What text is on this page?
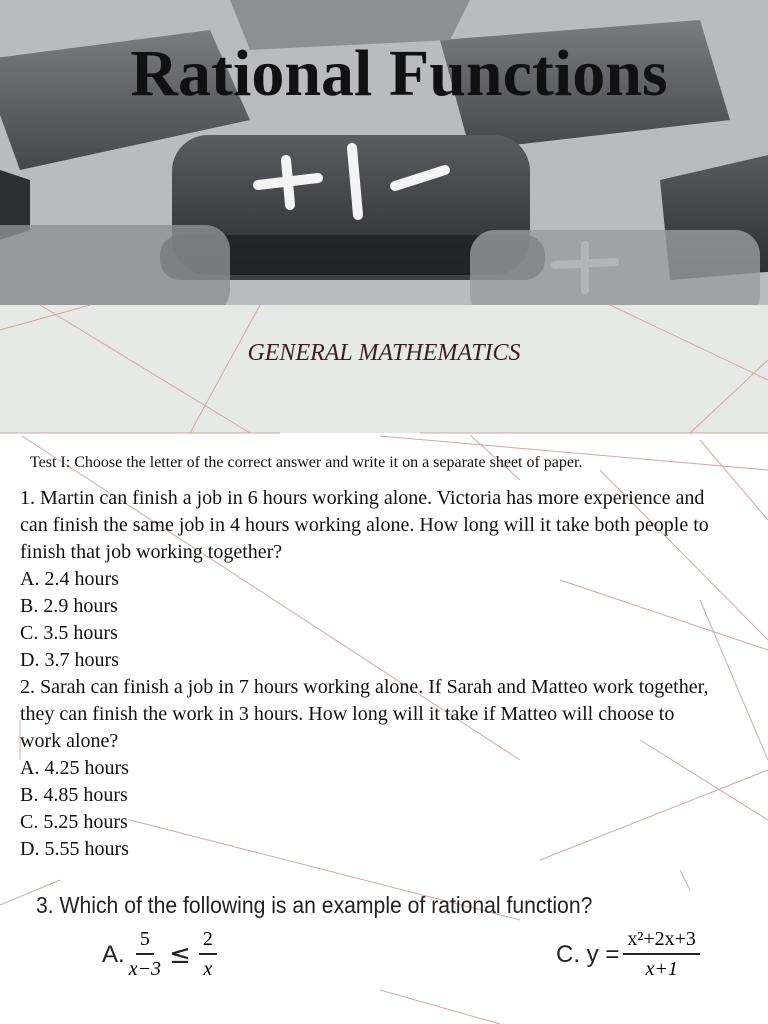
Rational Functions
GENERAL MATHEMATICS
Test I: Choose the letter of the correct answer and write it on a separate sheet of paper.

1. Martin can finish a job in 6 hours working alone. Victoria has more experience and can finish the same job in 4 hours working alone. How long will it take both people to finish that job working together?

A. 2.4 hours

B. 2.9 hours

C. 3.5 hours

D. 3.7 hours

2. Sarah can finish a job in 7 hours working alone. If Sarah and Matteo work together, they can finish the work in 3 hours. How long will it take if Matteo will choose to work alone?

A. 4.25 hours

B. 4.85 hours

C. 5.25 hours

D. 5.55 hours

3. Which of the following is an example of rational function?
A. $\frac{5}{x-3} \le \frac{2}{x}$	C. $y = \frac{\text{x²+2x+3}}{x+1}$
